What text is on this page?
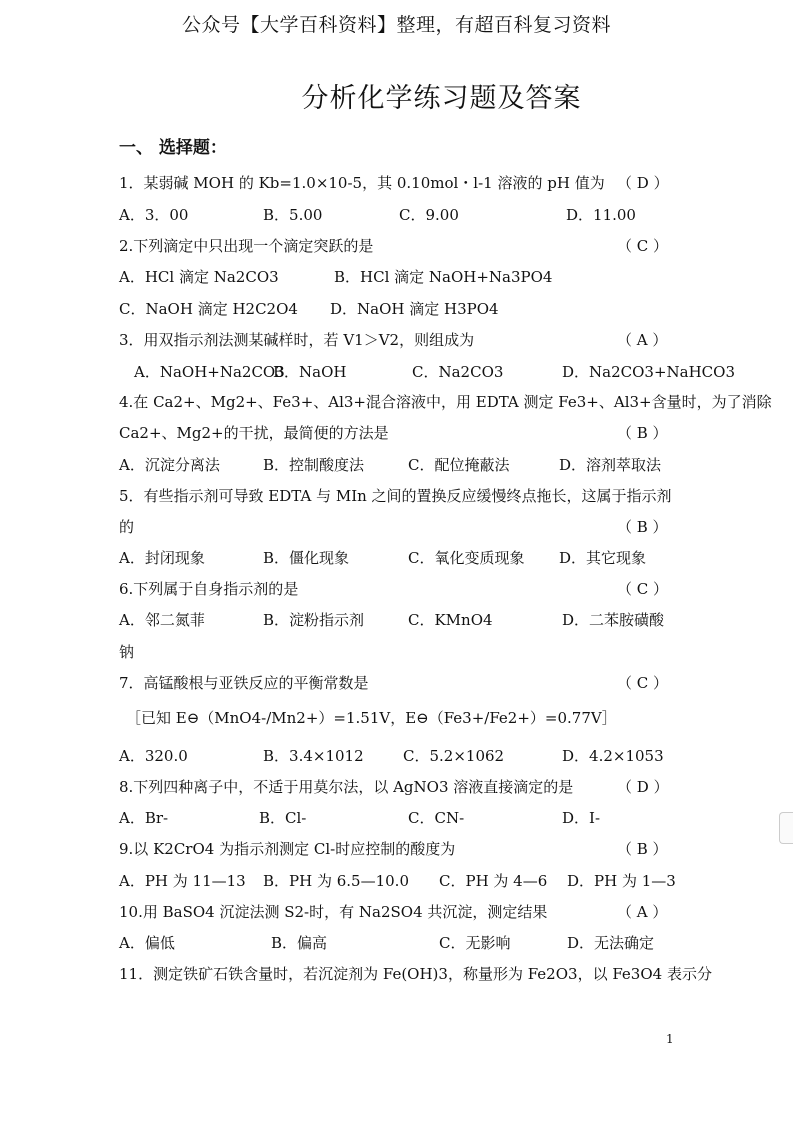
公众号【大学百科资料】整理，有超百科复习资料
分析化学练习题及答案
一、 选择题：
1．某弱碱 MOH 的 Kb=1.0×10-5，其 0.10mol・l-1 溶液的 pH 值为 （ D ）
A．3．00	B．5.00	C．9.00	D．11.00
2.下列滴定中只出现一个滴定突跃的是	（ C ）
A．HCl 滴定 Na2CO3	B．HCl 滴定 NaOH+Na3PO4
C．NaOH 滴定 H2C2O4 D．NaOH 滴定 H3PO4
3．用双指示剂法测某碱样时，若 V1＞V2，则组成为	（ A ）
A．NaOH+Na2CO3
B．NaOH	C．Na2CO3	D．Na2CO3+NaHCO3
4.在 Ca2+、Mg2+、Fe3+、Al3+混合溶液中，用 EDTA 测定 Fe3+、Al3+含量时，为了消除
Ca2+、Mg2+的干扰，最简便的方法是	（ B ）
A．沉淀分离法	B．控制酸度法	C．配位掩蔽法	D．溶剂萃取法
5．有些指示剂可导致 EDTA 与 MIn 之间的置换反应缓慢终点拖长，这属于指示剂
的	（ B ）
A．封闭现象	B．僵化现象	C．氧化变质现象 D．其它现象
6.下列属于自身指示剂的是	（ C ）
A．邻二氮菲	B．淀粉指示剂	C．KMnO4	D．二苯胺磺酸
钠
7．高锰酸根与亚铁反应的平衡常数是	（ C ）
［已知 E⊖（MnO4-/Mn2+）=1.51V，E⊖（Fe3+/Fe2+）=0.77V］
A．320.0	B．3.4×1012	C．5.2×1062	D．4.2×1053
8.下列四种离子中，不适于用莫尔法，以 AgNO3 溶液直接滴定的是	（ D ）
A．Br-	B．Cl-	C．CN-	D．I-
9.以 K2CrO4 为指示剂测定 Cl-时应控制的酸度为	（ B ）
A．PH 为 11—13 B．PH 为 6.5—10.0 C．PH 为 4—6 D．PH 为 1—3
10.用 BaSO4 沉淀法测 S2-时，有 Na2SO4 共沉淀，测定结果	（ A ）
A．偏低	B．偏高	C．无影响	D．无法确定
11．测定铁矿石铁含量时，若沉淀剂为 Fe(OH)3，称量形为 Fe2O3，以 Fe3O4 表示分
1
